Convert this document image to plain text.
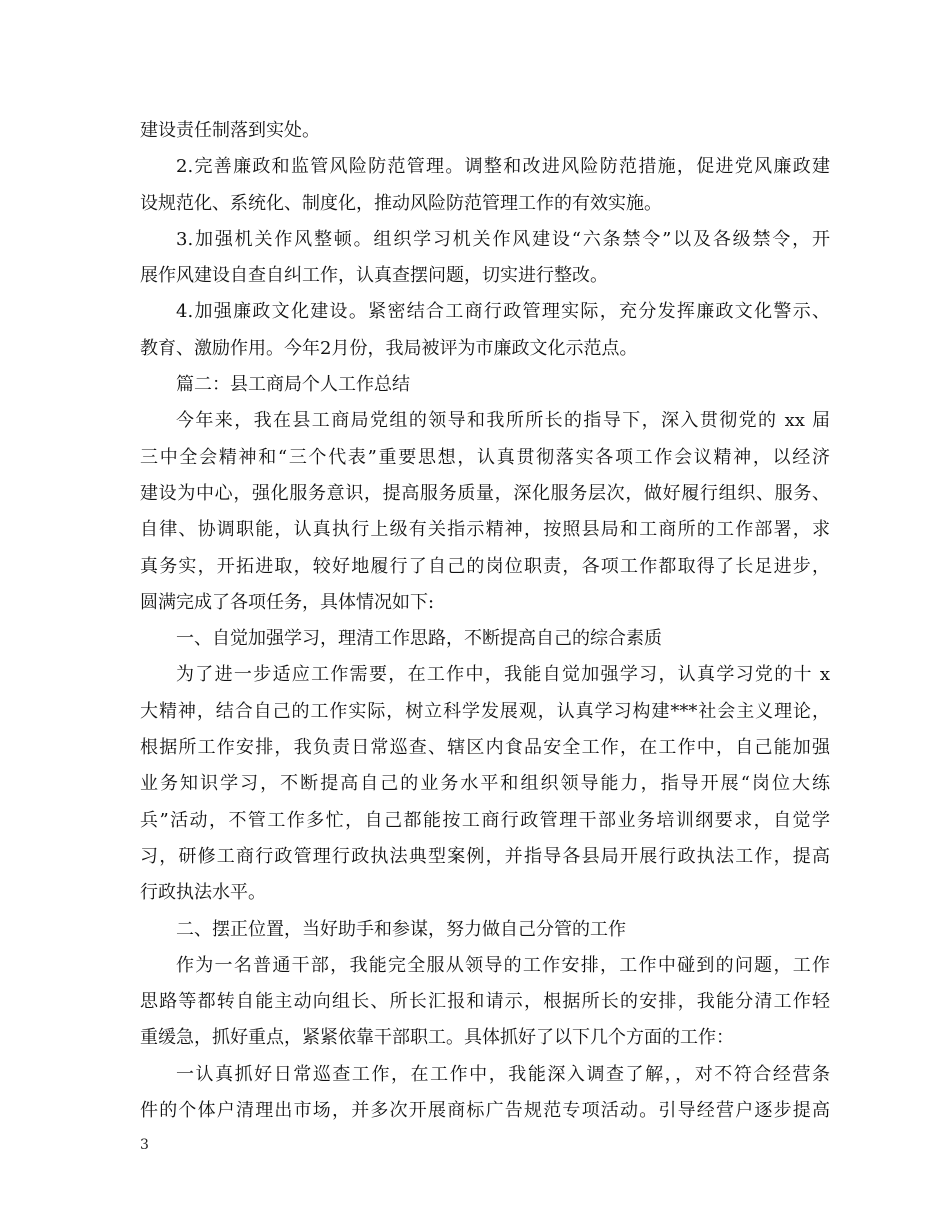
建设责任制落到实处。
2.完善廉政和监管风险防范管理。调整和改进风险防范措施，促进党风廉政建
设规范化、系统化、制度化，推动风险防范管理工作的有效实施。
3.加强机关作风整顿。组织学习机关作风建设“六条禁令”以及各级禁令，开
展作风建设自查自纠工作，认真查摆问题，切实进行整改。
4.加强廉政文化建设。紧密结合工商行政管理实际，充分发挥廉政文化警示、
教育、激励作用。今年2月份，我局被评为市廉政文化示范点。
篇二：县工商局个人工作总结
今年来，我在县工商局党组的领导和我所所长的指导下，深入贯彻党的 xx 届
三中全会精神和“三个代表”重要思想，认真贯彻落实各项工作会议精神，以经济
建设为中心，强化服务意识，提高服务质量，深化服务层次，做好履行组织、服务、
自律、协调职能，认真执行上级有关指示精神，按照县局和工商所的工作部署，求
真务实，开拓进取，较好地履行了自己的岗位职责，各项工作都取得了长足进步，
圆满完成了各项任务，具体情况如下:
一、自觉加强学习，理清工作思路，不断提高自己的综合素质
为了进一步适应工作需要，在工作中，我能自觉加强学习，认真学习党的十 x
大精神，结合自己的工作实际，树立科学发展观，认真学习构建***社会主义理论，
根据所工作安排，我负责日常巡查、辖区内食品安全工作，在工作中，自己能加强
业务知识学习，不断提高自己的业务水平和组织领导能力，指导开展“岗位大练
兵”活动，不管工作多忙，自己都能按工商行政管理干部业务培训纲要求，自觉学
习，研修工商行政管理行政执法典型案例，并指导各县局开展行政执法工作，提高
行政执法水平。
二、摆正位置，当好助手和参谋，努力做自己分管的工作
作为一名普通干部，我能完全服从领导的工作安排，工作中碰到的问题，工作
思路等都转自能主动向组长、所长汇报和请示，根据所长的安排，我能分清工作轻
重缓急，抓好重点，紧紧依靠干部职工。具体抓好了以下几个方面的工作：
一认真抓好日常巡查工作，在工作中，我能深入调查了解，，对不符合经营条
件的个体户清理出市场，并多次开展商标广告规范专项活动。引导经营户逐步提高
3
